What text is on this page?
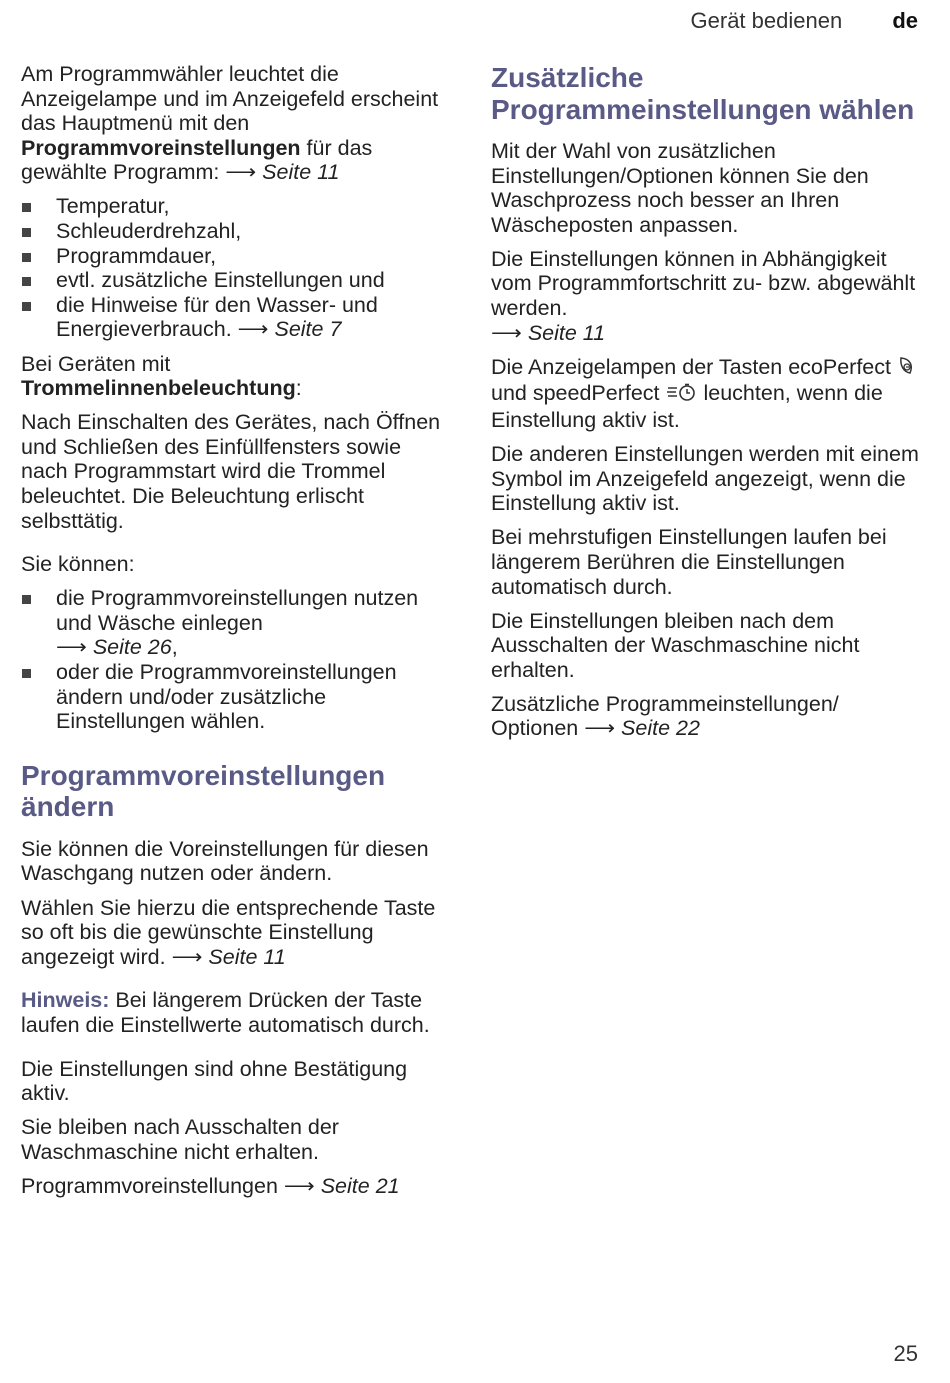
Gerät bedienen de

Am Programmwähler leuchtet die Anzeigelampe und im Anzeigefeld erscheint das Hauptmenü mit den Programmvoreinstellungen für das gewählte Programm: ⟶ Seite 11

Temperatur,
Schleuderdrehzahl,
Programmdauer,
evtl. zusätzliche Einstellungen und
die Hinweise für den Wasser- und Energieverbrauch. ⟶ Seite 7

Bei Geräten mit
Trommelinnenbeleuchtung:

Nach Einschalten des Gerätes, nach Öffnen und Schließen des Einfüllfensters sowie nach Programmstart wird die Trommel beleuchtet. Die Beleuchtung erlischt selbsttätig.

Sie können:

die Programmvoreinstellungen nutzen und Wäsche einlegen
⟶ Seite 26,
oder die Programmvoreinstellungen ändern und/oder zusätzliche Einstellungen wählen.
Programmvoreinstellungen ändern

Sie können die Voreinstellungen für diesen Waschgang nutzen oder ändern.

Wählen Sie hierzu die entsprechende Taste so oft bis die gewünschte Einstellung angezeigt wird. ⟶ Seite 11

Hinweis: Bei längerem Drücken der Taste laufen die Einstellwerte automatisch durch.

Die Einstellungen sind ohne Bestätigung aktiv.

Sie bleiben nach Ausschalten der Waschmaschine nicht erhalten.

Programmvoreinstellungen ⟶ Seite 21

Zusätzliche Programmeinstellungen wählen

Mit der Wahl von zusätzlichen Einstellungen/Optionen können Sie den Waschprozess noch besser an Ihren Wäscheposten anpassen.

Die Einstellungen können in Abhängigkeit vom Programmfortschritt zu- bzw. abgewählt werden.
⟶ Seite 11

Die Anzeigelampen der Tasten ecoPerfect  und speedPerfect  leuchten, wenn die Einstellung aktiv ist.

Die anderen Einstellungen werden mit einem Symbol im Anzeigefeld angezeigt, wenn die Einstellung aktiv ist.

Bei mehrstufigen Einstellungen laufen bei längerem Berühren die Einstellungen automatisch durch.

Die Einstellungen bleiben nach dem Ausschalten der Waschmaschine nicht erhalten.

Zusätzliche Programmeinstellungen/ Optionen ⟶ Seite 22

25
